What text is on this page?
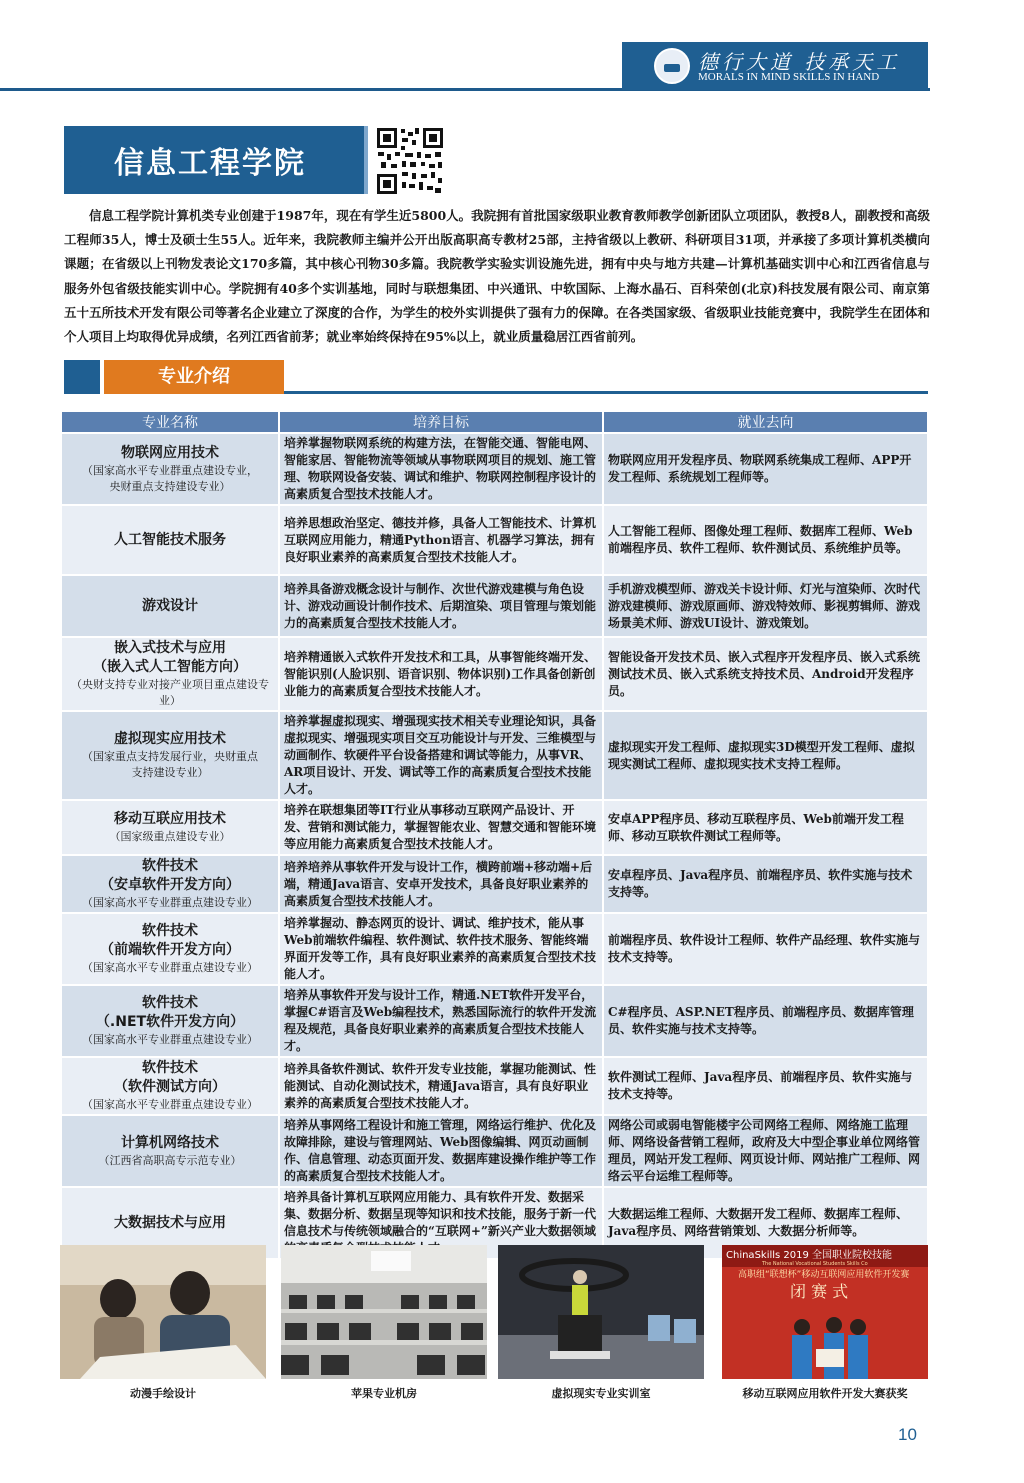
德行大道 技承天工
MORALS IN MIND SKILLS IN HAND
信息工程学院
信息工程学院计算机类专业创建于1987年，现在有学生近5800人。我院拥有首批国家级职业教育教师教学创新团队立项团队，教授8人，副教授和高级工程师35人，博士及硕士生55人。近年来，我院教师主编并公开出版高职高专教材25部，主持省级以上教研、科研项目31项，并承接了多项计算机类横向课题；在省级以上刊物发表论文170多篇，其中核心刊物30多篇。我院教学实验实训设施先进，拥有中央与地方共建—计算机基础实训中心和江西省信息与服务外包省级技能实训中心。学院拥有40多个实训基地，同时与联想集团、中兴通讯、中软国际、上海水晶石、百科荣创(北京)科技发展有限公司、南京第五十五所技术开发有限公司等著名企业建立了深度的合作，为学生的校外实训提供了强有力的保障。在各类国家级、省级职业技能竞赛中，我院学生在团体和个人项目上均取得优异成绩，名列江西省前茅；就业率始终保持在95%以上，就业质量稳居江西省前列。
专业介绍
专业名称	培养目标	就业去向

物联网应用技术
（国家高水平专业群重点建设专业，
央财重点支持建设专业）	培养掌握物联网系统的构建方法，在智能交通、智能电网、智能家居、智能物流等领域从事物联网项目的规划、施工管理、物联网设备安装、调试和维护、物联网控制程序设计的高素质复合型技术技能人才。	物联网应用开发程序员、物联网系统集成工程师、APP开发工程师、系统规划工程师等。

人工智能技术服务	培养思想政治坚定、德技并修，具备人工智能技术、计算机互联网应用能力，精通Python语言、机器学习算法，拥有良好职业素养的高素质复合型技术技能人才。	人工智能工程师、图像处理工程师、数据库工程师、Web前端程序员、软件工程师、软件测试员、系统维护员等。

游戏设计	培养具备游戏概念设计与制作、次世代游戏建模与角色设计、游戏动画设计制作技术、后期渲染、项目管理与策划能力的高素质复合型技术技能人才。	手机游戏模型师、游戏关卡设计师、灯光与渲染师、次时代游戏建模师、游戏原画师、游戏特效师、影视剪辑师、游戏场景美术师、游戏UI设计、游戏策划。

嵌入式技术与应用
（嵌入式人工智能方向）
（央财支持专业对接产业项目重点建设专业）	培养精通嵌入式软件开发技术和工具，从事智能终端开发、智能识别(人脸识别、语音识别、物体识别)工作具备创新创业能力的高素质复合型技术技能人才。	智能设备开发技术员、嵌入式程序开发程序员、嵌入式系统测试技术员、嵌入式系统支持技术员、Android开发程序员。

虚拟现实应用技术
（国家重点支持发展行业，央财重点
支持建设专业）	培养掌握虚拟现实、增强现实技术相关专业理论知识，具备虚拟现实、增强现实项目交互功能设计与开发、三维模型与动画制作、软硬件平台设备搭建和调试等能力，从事VR、AR项目设计、开发、调试等工作的高素质复合型技术技能人才。	虚拟现实开发工程师、虚拟现实3D模型开发工程师、虚拟现实测试工程师、虚拟现实技术支持工程师。

移动互联应用技术
（国家级重点建设专业）	培养在联想集团等IT行业从事移动互联网产品设计、开发、营销和测试能力，掌握智能农业、智慧交通和智能环境等应用能力高素质复合型技术技能人才。	安卓APP程序员、移动互联程序员、Web前端开发工程师、移动互联软件测试工程师等。

软件技术
（安卓软件开发方向）
（国家高水平专业群重点建设专业）	培养培养从事软件开发与设计工作，横跨前端+移动端+后端，精通Java语言、安卓开发技术，具备良好职业素养的高素质复合型技术技能人才。	安卓程序员、Java程序员、前端程序员、软件实施与技术支持等。

软件技术
（前端软件开发方向）
（国家高水平专业群重点建设专业）	培养掌握动、静态网页的设计、调试、维护技术，能从事Web前端软件编程、软件测试、软件技术服务、智能终端界面开发等工作，具有良好职业素养的高素质复合型技术技能人才。	前端程序员、软件设计工程师、软件产品经理、软件实施与技术支持等。

软件技术
（.NET软件开发方向）
（国家高水平专业群重点建设专业）	培养从事软件开发与设计工作，精通.NET软件开发平台，掌握C#语言及Web编程技术，熟悉国际流行的软件开发流程及规范，具备良好职业素养的高素质复合型技术技能人才。	C#程序员、ASP.NET程序员、前端程序员、数据库管理员、软件实施与技术支持等。

软件技术
（软件测试方向）
（国家高水平专业群重点建设专业）	培养具备软件测试、软件开发专业技能，掌握功能测试、性能测试、自动化测试技术，精通Java语言，具有良好职业素养的高素质复合型技术技能人才。	软件测试工程师、Java程序员、前端程序员、软件实施与技术支持等。

计算机网络技术
（江西省高职高专示范专业）	培养从事网络工程设计和施工管理，网络运行维护、优化及故障排除，建设与管理网站、Web图像编辑、网页动画制作、信息管理、动态页面开发、数据库建设操作维护等工作的高素质复合型技术技能人才。	网络公司或弱电智能楼宇公司网络工程师、网络施工监理师、网络设备营销工程师，政府及大中型企事业单位网络管理员，网站开发工程师、网页设计师、网站推广工程师、网络云平台运维工程师等。

大数据技术与应用	培养具备计算机互联网应用能力、具有软件开发、数据采集、数据分析、数据呈现等知识和技术技能，服务于新一代信息技术与传统领域融合的“互联网+”新兴产业大数据领域	大数据运维工程师、大数据开发工程师、数据库工程师、Java程序员、网络营销策划、大数据分析师等。
ChinaSkills 2019 全国职业院校技能
The National Vocational Students Skills Co
高职组“联想杯”移动互联网应用软件开发赛
闭 赛 式
动漫手绘设计	苹果专业机房	虚拟现实专业实训室	移动互联网应用软件开发大赛获奖
10
